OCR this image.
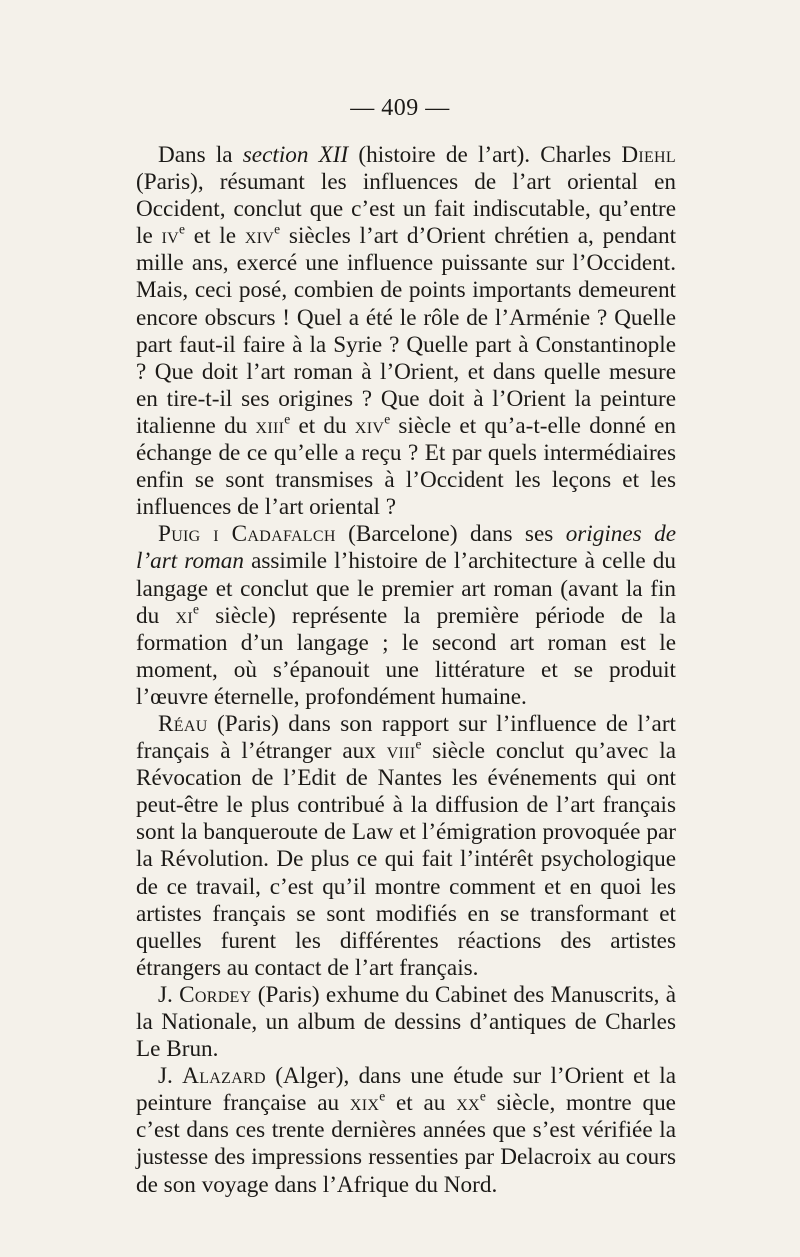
— 409 —

Dans la section XII (histoire de l’art). Charles Diehl (Paris), résumant les influences de l’art oriental en Occident, conclut que c’est un fait indiscutable, qu’entre le $iv^e$ et le xiv$^e$ siècles l’art d’Orient chrétien a, pendant mille ans, exercé une influence puissante sur l’Occident. Mais, ceci posé, combien de points importants demeurent encore obscurs ! Quel a été le rôle de l’Arménie ? Quelle part faut-il faire à la Syrie ? Quelle part à Constantinople ? Que doit l’art roman à l’Orient, et dans quelle mesure en tire-t-il ses origines ? Que doit à l’Orient la peinture italienne du xiii$^e$ et du xiv$^e$ siècle et qu’a-t-elle donné en échange de ce qu’elle a reçu ? Et par quels intermédiaires enfin se sont transmises à l’Occident les leçons et les influences de l’art oriental ?

Puig i Cadafalch (Barcelone) dans ses origines de l’art roman assimile l’histoire de l’architecture à celle du langage et conclut que le premier art roman (avant la fin du $xi^e$ siècle) représente la première période de la formation d’un langage ; le second art roman est le moment, où s’épanouit une littérature et se produit l’œuvre éternelle, profondément humaine.

Réau (Paris) dans son rapport sur l’influence de l’art français à l’étranger aux viii$^e$ siècle conclut qu’avec la Révocation de l’Edit de Nantes les événements qui ont peut-être le plus contribué à la diffusion de l’art français sont la banqueroute de Law et l’émigration provoquée par la Révolution. De plus ce qui fait l’intérêt psychologique de ce travail, c’est qu’il montre comment et en quoi les artistes français se sont modifiés en se transformant et quelles furent les différentes réactions des artistes étrangers au contact de l’art français.

J. Cordey (Paris) exhume du Cabinet des Manuscrits, à la Nationale, un album de dessins d’antiques de Charles Le Brun.

J. Alazard (Alger), dans une étude sur l’Orient et la peinture française au xix$^e$ et au $xx^e$ siècle, montre que c’est dans ces trente dernières années que s’est vérifiée la justesse des impressions ressenties par Delacroix au cours de son voyage dans l’Afrique du Nord.
